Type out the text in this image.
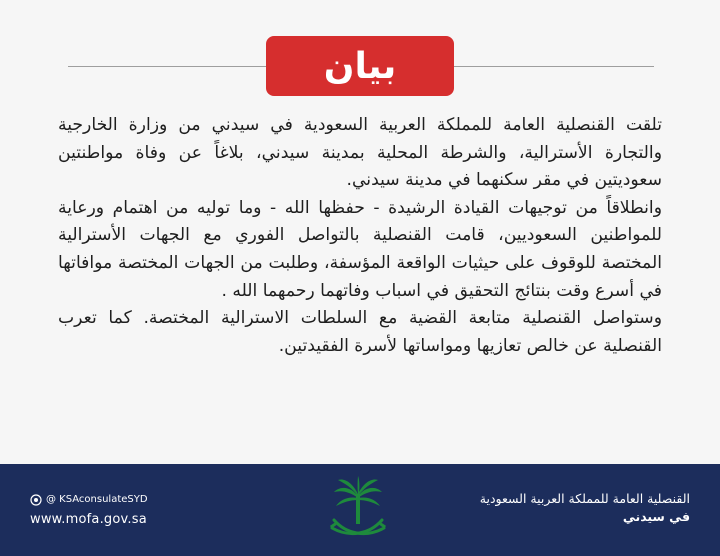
بيان

تلقت القنصلية العامة للمملكة العربية السعودية في سيدني من وزارة الخارجية والتجارة الأسترالية، والشرطة المحلية بمدينة سيدني، بلاغاً عن وفاة مواطنتين سعوديتين في مقر سكنهما في مدينة سيدني.

وانطلاقاً من توجيهات القيادة الرشيدة - حفظها الله - وما توليه من اهتمام ورعاية للمواطنين السعوديين، قامت القنصلية بالتواصل الفوري مع الجهات الأسترالية المختصة للوقوف على حيثيات الواقعة المؤسفة، وطلبت من الجهات المختصة موافاتها في أسرع وقت بنتائج التحقيق في اسباب وفاتهما رحمهما الله .

وستواصل القنصلية متابعة القضية مع السلطات الاسترالية المختصة. كما تعرب القنصلية عن خالص تعازيها ومواساتها لأسرة الفقيدتين.

@ KSAconsulateSYD
www.mofa.gov.sa
القنصلية العامة للمملكة العربية السعودية
في سيدني
